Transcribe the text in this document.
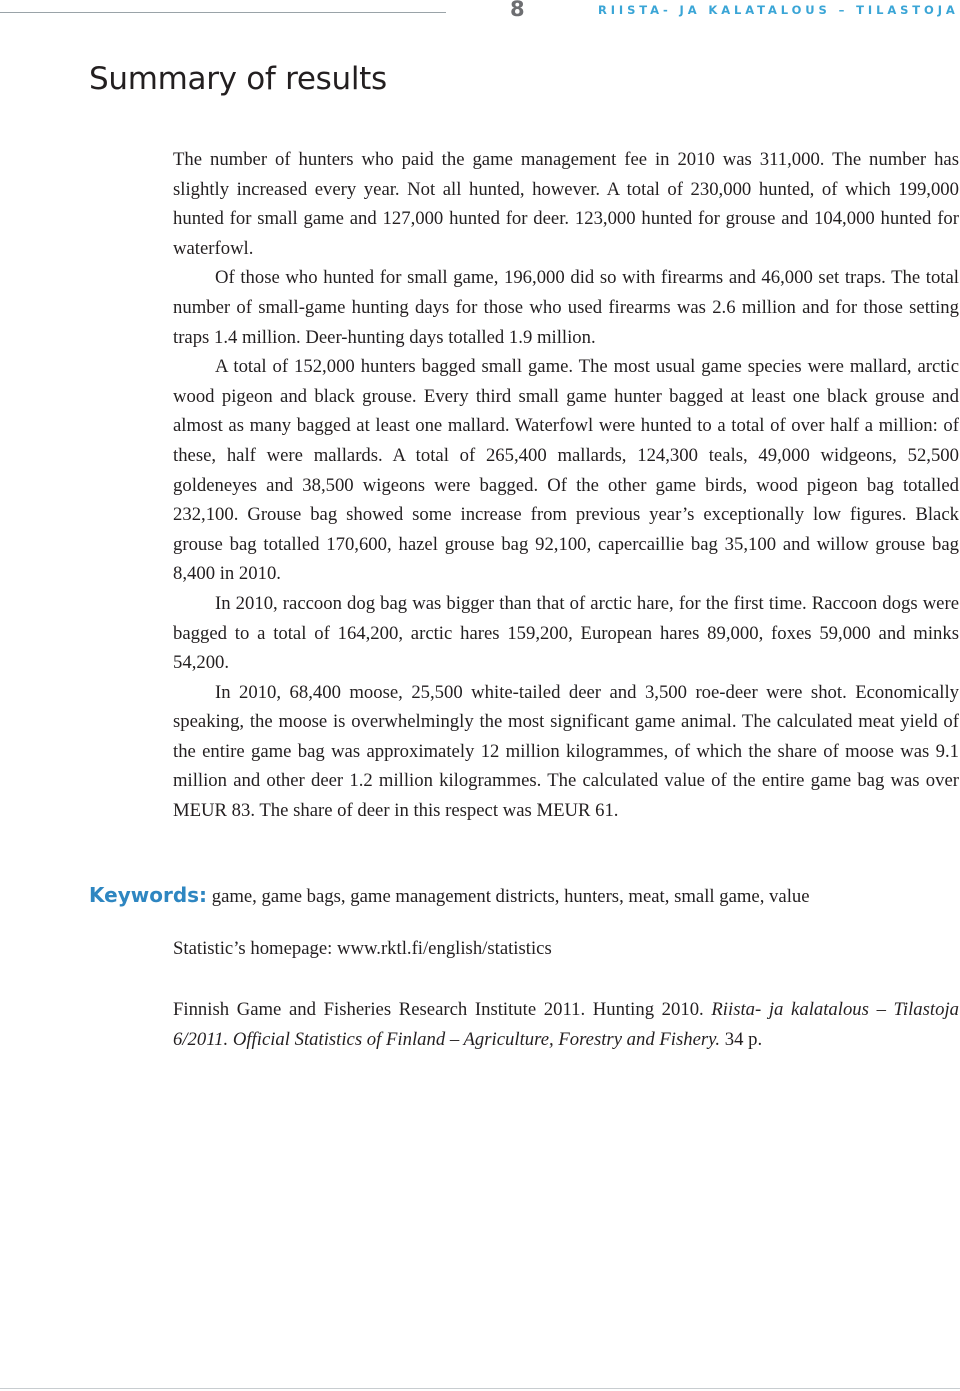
8	RIISTA- JA KALATALOUS – TILASTOJA
Summary of results

The number of hunters who paid the game management fee in 2010 was 311,000. The number has slightly increased every year. Not all hunted, however. A total of 230,000 hunted, of which 199,000 hunted for small game and 127,000 hunted for deer. 123,000 hunted for grouse and 104,000 hunted for waterfowl.

Of those who hunted for small game, 196,000 did so with firearms and 46,000 set traps. The total number of small-game hunting days for those who used firearms was 2.6 million and for those setting traps 1.4 million. Deer-hunting days totalled 1.9 million.

A total of 152,000 hunters bagged small game. The most usual game species were mallard, arctic wood pigeon and black grouse. Every third small game hunter bagged at least one black grouse and almost as many bagged at least one mallard. Waterfowl were hunted to a total of over half a million: of these, half were mallards. A total of 265,400 mallards, 124,300 teals, 49,000 widgeons, 52,500 goldeneyes and 38,500 wigeons were bagged. Of the other game birds, wood pigeon bag totalled 232,100. Grouse bag showed some increase from previous year’s exceptionally low figures. Black grouse bag totalled 170,600, hazel grouse bag 92,100, capercaillie bag 35,100 and willow grouse bag 8,400 in 2010.

In 2010, raccoon dog bag was bigger than that of arctic hare, for the first time. Raccoon dogs were bagged to a total of 164,200, arctic hares 159,200, European hares 89,000, foxes 59,000 and minks 54,200.

In 2010, 68,400 moose, 25,500 white-tailed deer and 3,500 roe-deer were shot. Economically speaking, the moose is overwhelmingly the most significant game animal. The calculated meat yield of the entire game bag was approximately 12 million kilogrammes, of which the share of moose was 9.1 million and other deer 1.2 million kilogrammes. The calculated value of the entire game bag was over MEUR 83. The share of deer in this respect was MEUR 61.

Keywords: game, game bags, game management districts, hunters, meat, small game, value
Statistic’s homepage: www.rktl.fi/english/statistics
Finnish Game and Fisheries Research Institute 2011. Hunting 2010. Riista- ja kalatalous – Tilastoja 6/2011. Official Statistics of Finland – Agriculture, Forestry and Fishery. 34 p.
